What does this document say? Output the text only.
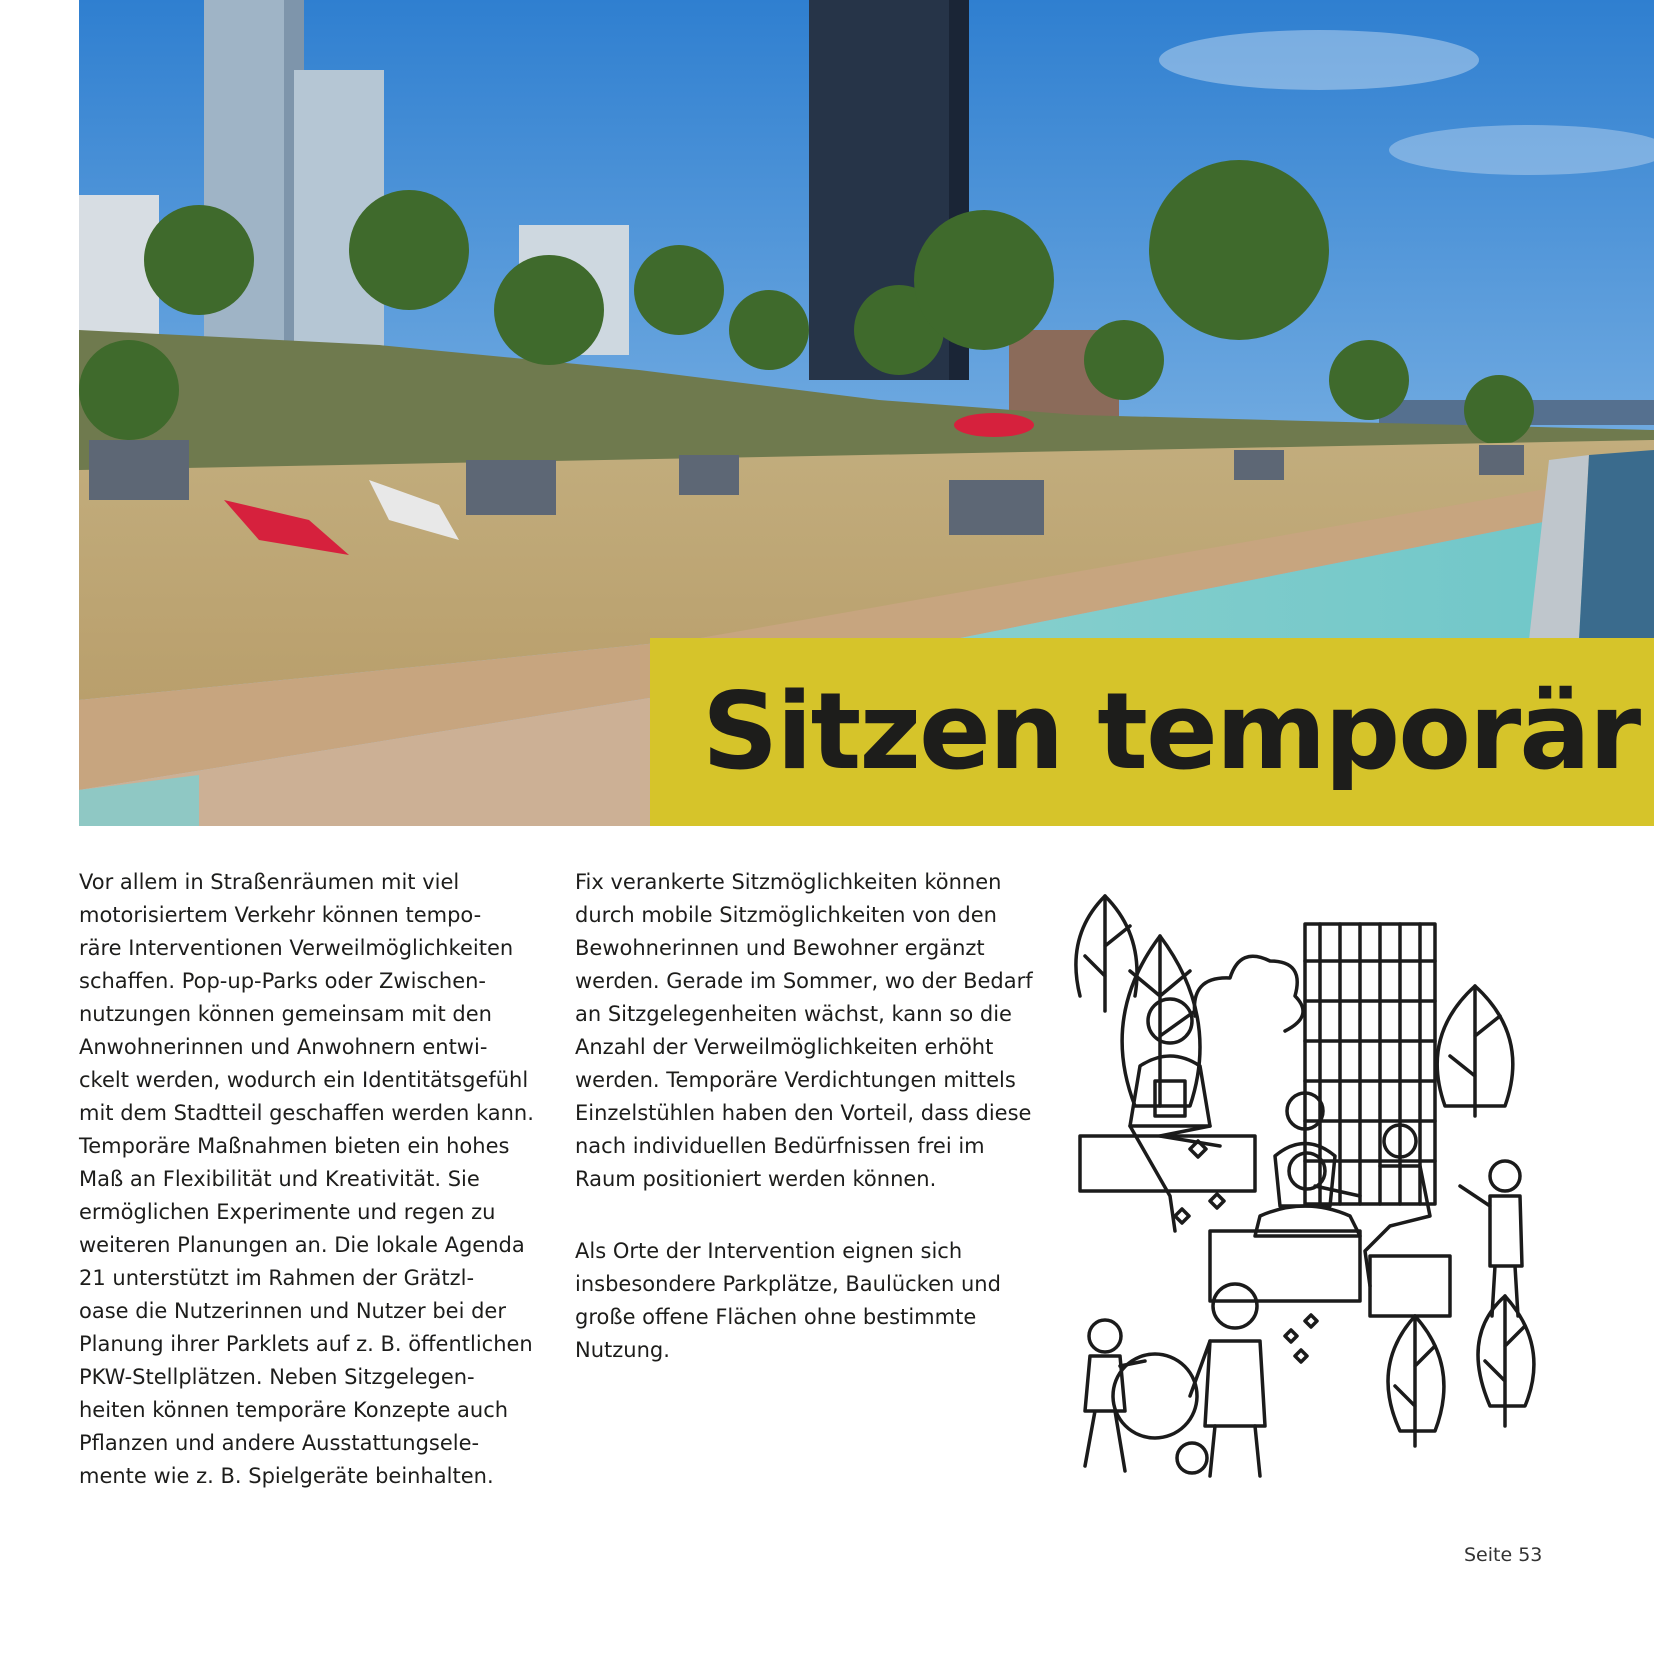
Sitzen temporär

Vor allem in Straßenräumen mit viel
motorisiertem Verkehr können tempo-
räre Interventionen Verweilmöglichkeiten
schaffen. Pop-up-Parks oder Zwischen-
nutzungen können gemeinsam mit den
Anwohnerinnen und Anwohnern entwi-
ckelt werden, wodurch ein Identitätsgefühl
mit dem Stadtteil geschaffen werden kann.
Temporäre Maßnahmen bieten ein hohes
Maß an Flexibilität und Kreativität. Sie
ermöglichen Experimente und regen zu
weiteren Planungen an. Die lokale Agenda
21 unterstützt im Rahmen der Grätzl-
oase die Nutzerinnen und Nutzer bei der
Planung ihrer Parklets auf z. B. öffentlichen
PKW-Stellplätzen. Neben Sitzgelegen-
heiten können temporäre Konzepte auch
Pflanzen und andere Ausstattungsele-
mente wie z. B. Spielgeräte beinhalten.

Fix verankerte Sitzmöglichkeiten können
durch mobile Sitzmöglichkeiten von den
Bewohnerinnen und Bewohner ergänzt
werden. Gerade im Sommer, wo der Bedarf
an Sitzgelegenheiten wächst, kann so die
Anzahl der Verweilmöglichkeiten erhöht
werden. Temporäre Verdichtungen mittels
Einzelstühlen haben den Vorteil, dass diese
nach individuellen Bedürfnissen frei im
Raum positioniert werden können.

Als Orte der Intervention eignen sich
insbesondere Parkplätze, Baulücken und
große offene Flächen ohne bestimmte
Nutzung.

Seite 53
